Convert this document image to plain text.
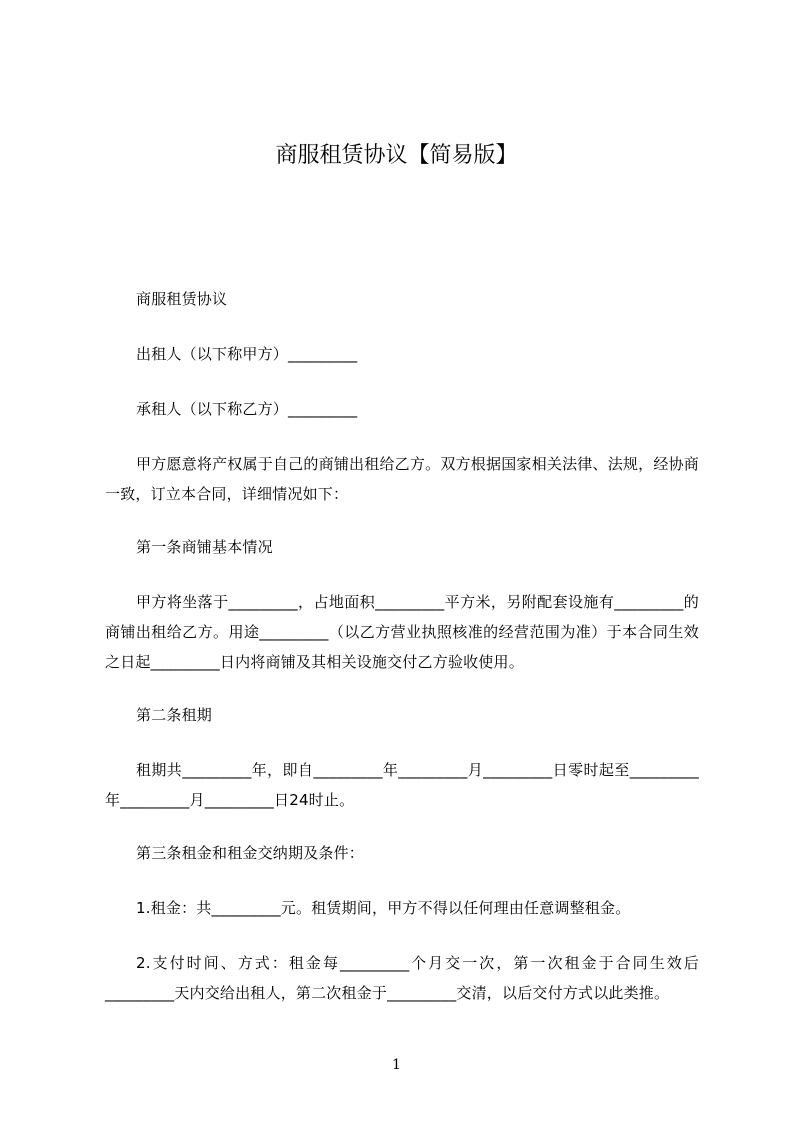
商服租赁协议【简易版】

商服租赁协议

出租人（以下称甲方）_________

承租人（以下称乙方）_________

甲方愿意将产权属于自己的商铺出租给乙方。双方根据国家相关法律、法规，经协商一致，订立本合同，详细情况如下：

第一条商铺基本情况

甲方将坐落于_________，占地面积_________平方米，另附配套设施有_________的商铺出租给乙方。用途_________（以乙方营业执照核准的经营范围为准）于本合同生效之日起_________日内将商铺及其相关设施交付乙方验收使用。

第二条租期

租期共_________年，即自_________年_________月_________日零时起至_________年_________月_________日24时止。

第三条租金和租金交纳期及条件：

1.租金：共_________元。租赁期间，甲方不得以任何理由任意调整租金。

2.支付时间、方式：租金每_________个月交一次，第一次租金于合同生效后_________天内交给出租人，第二次租金于_________交清，以后交付方式以此类推。

1
